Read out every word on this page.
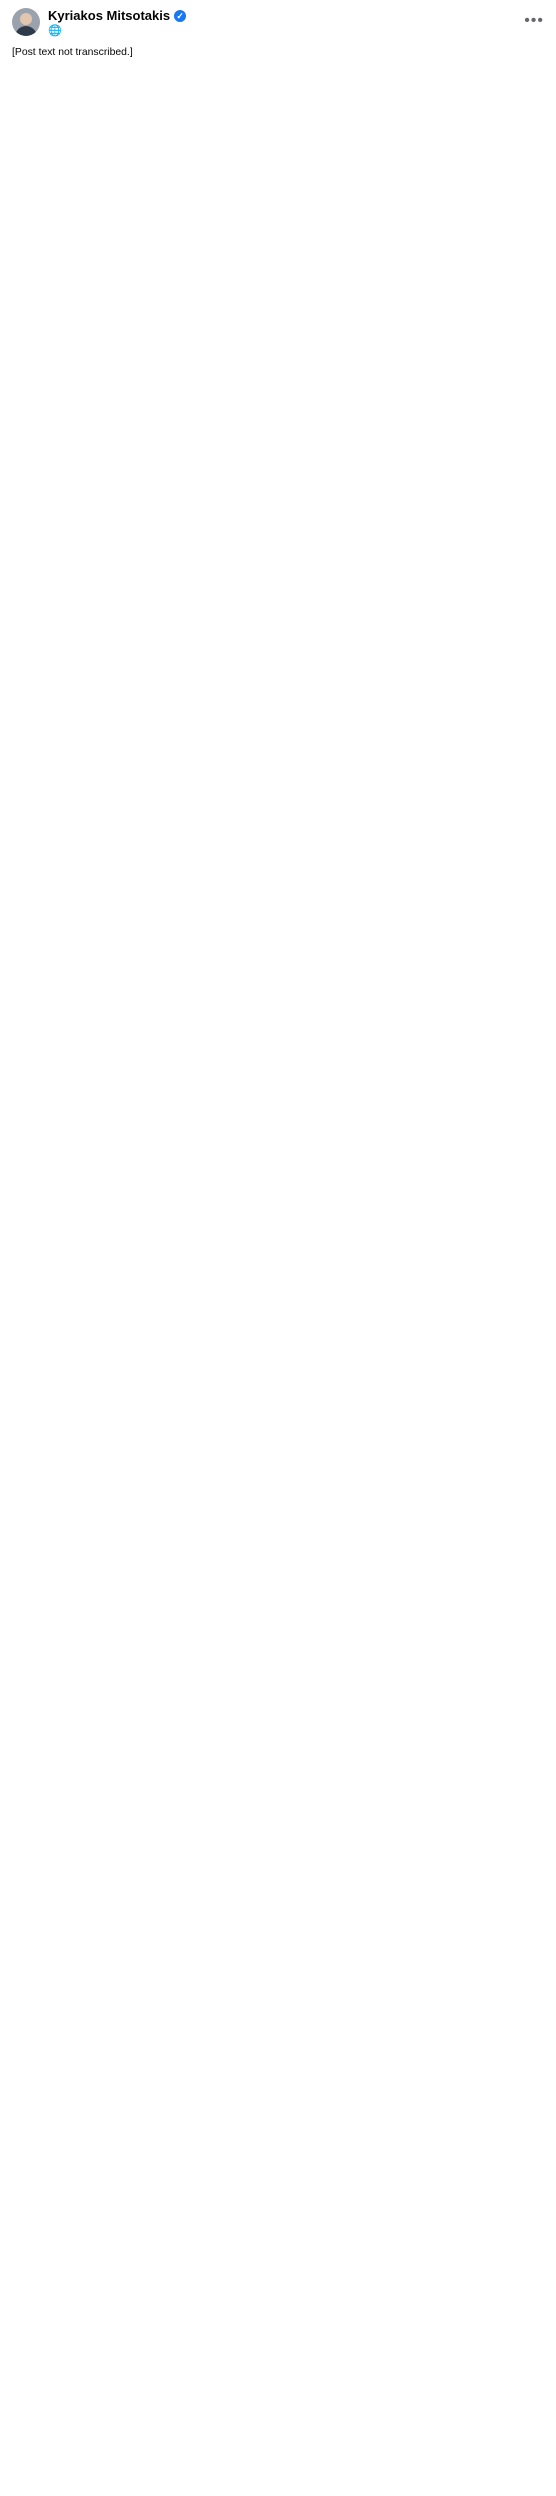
Kyriakos Mitsotakis ✓
🌐
•••

[Post text not transcribed.]
